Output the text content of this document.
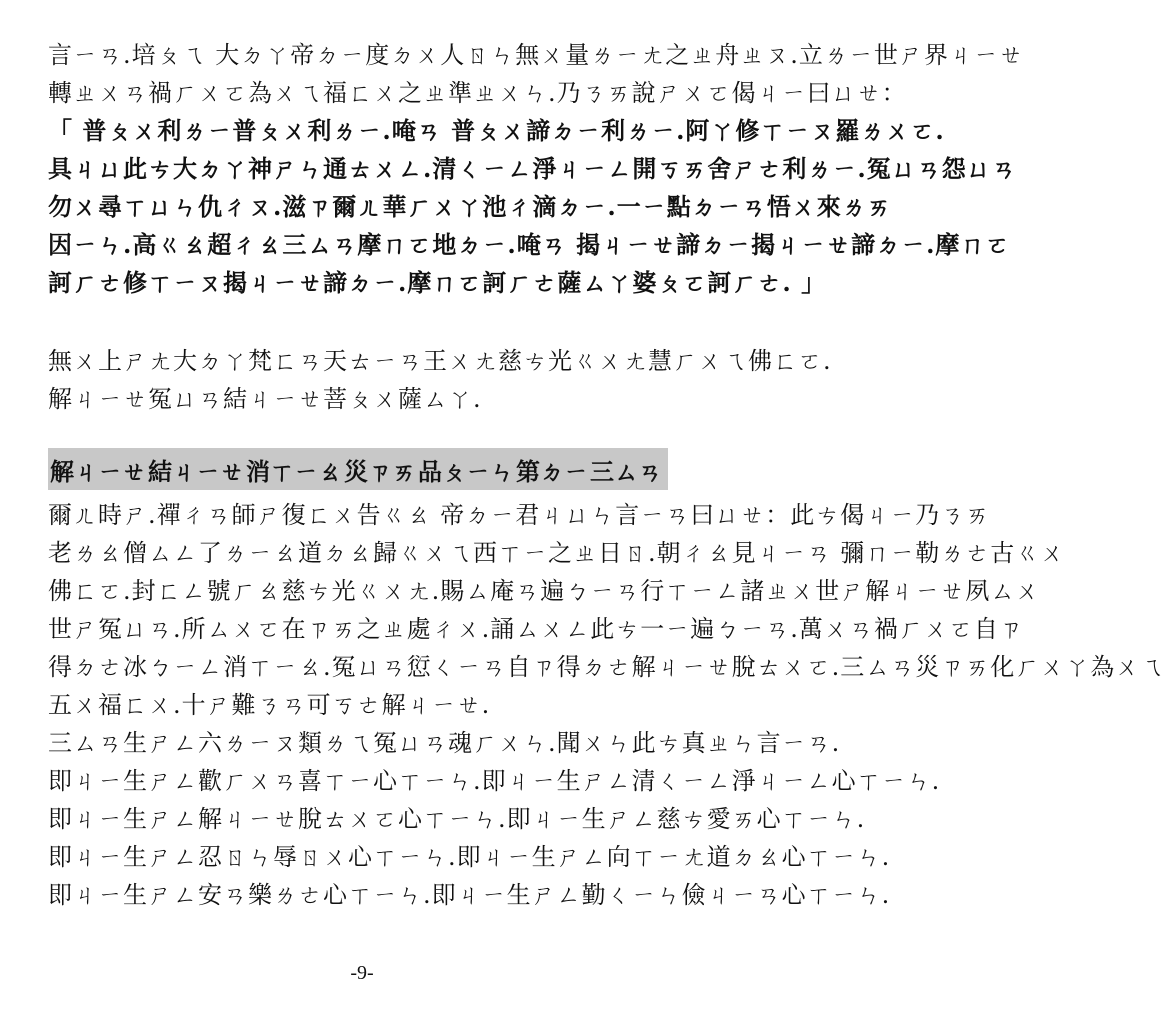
言ㄧㄢ.培ㄆㄟ 大ㄉㄚ帝ㄉㄧ度ㄉㄨ人ㄖㄣ無ㄨ量ㄌㄧㄤ之ㄓ舟ㄓㄡ.立ㄌㄧ世ㄕ界ㄐㄧㄝ
轉ㄓㄨㄢ禍ㄏㄨㄛ為ㄨㄟ福ㄈㄨ之ㄓ準ㄓㄨㄣ.乃ㄋㄞ說ㄕㄨㄛ偈ㄐㄧ曰ㄩㄝ：
「 普ㄆㄨ利ㄌㄧ普ㄆㄨ利ㄌㄧ.唵ㄢ 普ㄆㄨ諦ㄉㄧ利ㄌㄧ.阿ㄚ修ㄒㄧㄡ羅ㄌㄨㄛ.
具ㄐㄩ此ㄘ大ㄉㄚ神ㄕㄣ通ㄊㄨㄥ.清ㄑㄧㄥ淨ㄐㄧㄥ開ㄎㄞ舍ㄕㄜ利ㄌㄧ.冤ㄩㄢ怨ㄩㄢ
勿ㄨ尋ㄒㄩㄣ仇ㄔㄡ.滋ㄗ爾ㄦ華ㄏㄨㄚ池ㄔ滴ㄉㄧ.一ㄧ點ㄉㄧㄢ悟ㄨ來ㄌㄞ
因ㄧㄣ.高ㄍㄠ超ㄔㄠ三ㄙㄢ摩ㄇㄛ地ㄉㄧ.唵ㄢ 揭ㄐㄧㄝ諦ㄉㄧ揭ㄐㄧㄝ諦ㄉㄧ.摩ㄇㄛ
訶ㄏㄜ修ㄒㄧㄡ揭ㄐㄧㄝ諦ㄉㄧ.摩ㄇㄛ訶ㄏㄜ薩ㄙㄚ婆ㄆㄛ訶ㄏㄜ. 」
無ㄨ上ㄕㄤ大ㄉㄚ梵ㄈㄢ天ㄊㄧㄢ王ㄨㄤ慈ㄘ光ㄍㄨㄤ慧ㄏㄨㄟ佛ㄈㄛ.
解ㄐㄧㄝ冤ㄩㄢ結ㄐㄧㄝ菩ㄆㄨ薩ㄙㄚ.
解ㄐㄧㄝ 結ㄐㄧㄝ 消ㄒㄧㄠ 災ㄗㄞ 品ㄆㄧㄣ 第ㄉㄧ 三ㄙㄢ
爾ㄦ時ㄕ.禪ㄔㄢ師ㄕ復ㄈㄨ告ㄍㄠ 帝ㄉㄧ君ㄐㄩㄣ言ㄧㄢ曰ㄩㄝ：此ㄘ偈ㄐㄧ乃ㄋㄞ
老ㄌㄠ僧ㄙㄥ了ㄌㄧㄠ道ㄉㄠ歸ㄍㄨㄟ西ㄒㄧ之ㄓ日ㄖ.朝ㄔㄠ見ㄐㄧㄢ 彌ㄇㄧ勒ㄌㄜ古ㄍㄨ
佛ㄈㄛ.封ㄈㄥ號ㄏㄠ慈ㄘ光ㄍㄨㄤ.賜ㄙ庵ㄢ遍ㄅㄧㄢ行ㄒㄧㄥ諸ㄓㄨ世ㄕ解ㄐㄧㄝ夙ㄙㄨ
世ㄕ冤ㄩㄢ.所ㄙㄨㄛ在ㄗㄞ之ㄓ處ㄔㄨ.誦ㄙㄨㄥ此ㄘ一ㄧ遍ㄅㄧㄢ.萬ㄨㄢ禍ㄏㄨㄛ自ㄗ
得ㄉㄜ冰ㄅㄧㄥ消ㄒㄧㄠ.冤ㄩㄢ愆ㄑㄧㄢ自ㄗ得ㄉㄜ解ㄐㄧㄝ脫ㄊㄨㄛ.三ㄙㄢ災ㄗㄞ化ㄏㄨㄚ為ㄨㄟ
五ㄨ福ㄈㄨ.十ㄕ難ㄋㄢ可ㄎㄜ解ㄐㄧㄝ.
三ㄙㄢ生ㄕㄥ六ㄌㄧㄡ類ㄌㄟ冤ㄩㄢ魂ㄏㄨㄣ.聞ㄨㄣ此ㄘ真ㄓㄣ言ㄧㄢ.
即ㄐㄧ生ㄕㄥ歡ㄏㄨㄢ喜ㄒㄧ心ㄒㄧㄣ.即ㄐㄧ生ㄕㄥ清ㄑㄧㄥ淨ㄐㄧㄥ心ㄒㄧㄣ.
即ㄐㄧ生ㄕㄥ解ㄐㄧㄝ脫ㄊㄨㄛ心ㄒㄧㄣ.即ㄐㄧ生ㄕㄥ慈ㄘ愛ㄞ心ㄒㄧㄣ.
即ㄐㄧ生ㄕㄥ忍ㄖㄣ辱ㄖㄨ心ㄒㄧㄣ.即ㄐㄧ生ㄕㄥ向ㄒㄧㄤ道ㄉㄠ心ㄒㄧㄣ.
即ㄐㄧ生ㄕㄥ安ㄢ樂ㄌㄜ心ㄒㄧㄣ.即ㄐㄧ生ㄕㄥ勤ㄑㄧㄣ儉ㄐㄧㄢ心ㄒㄧㄣ.
-9-
